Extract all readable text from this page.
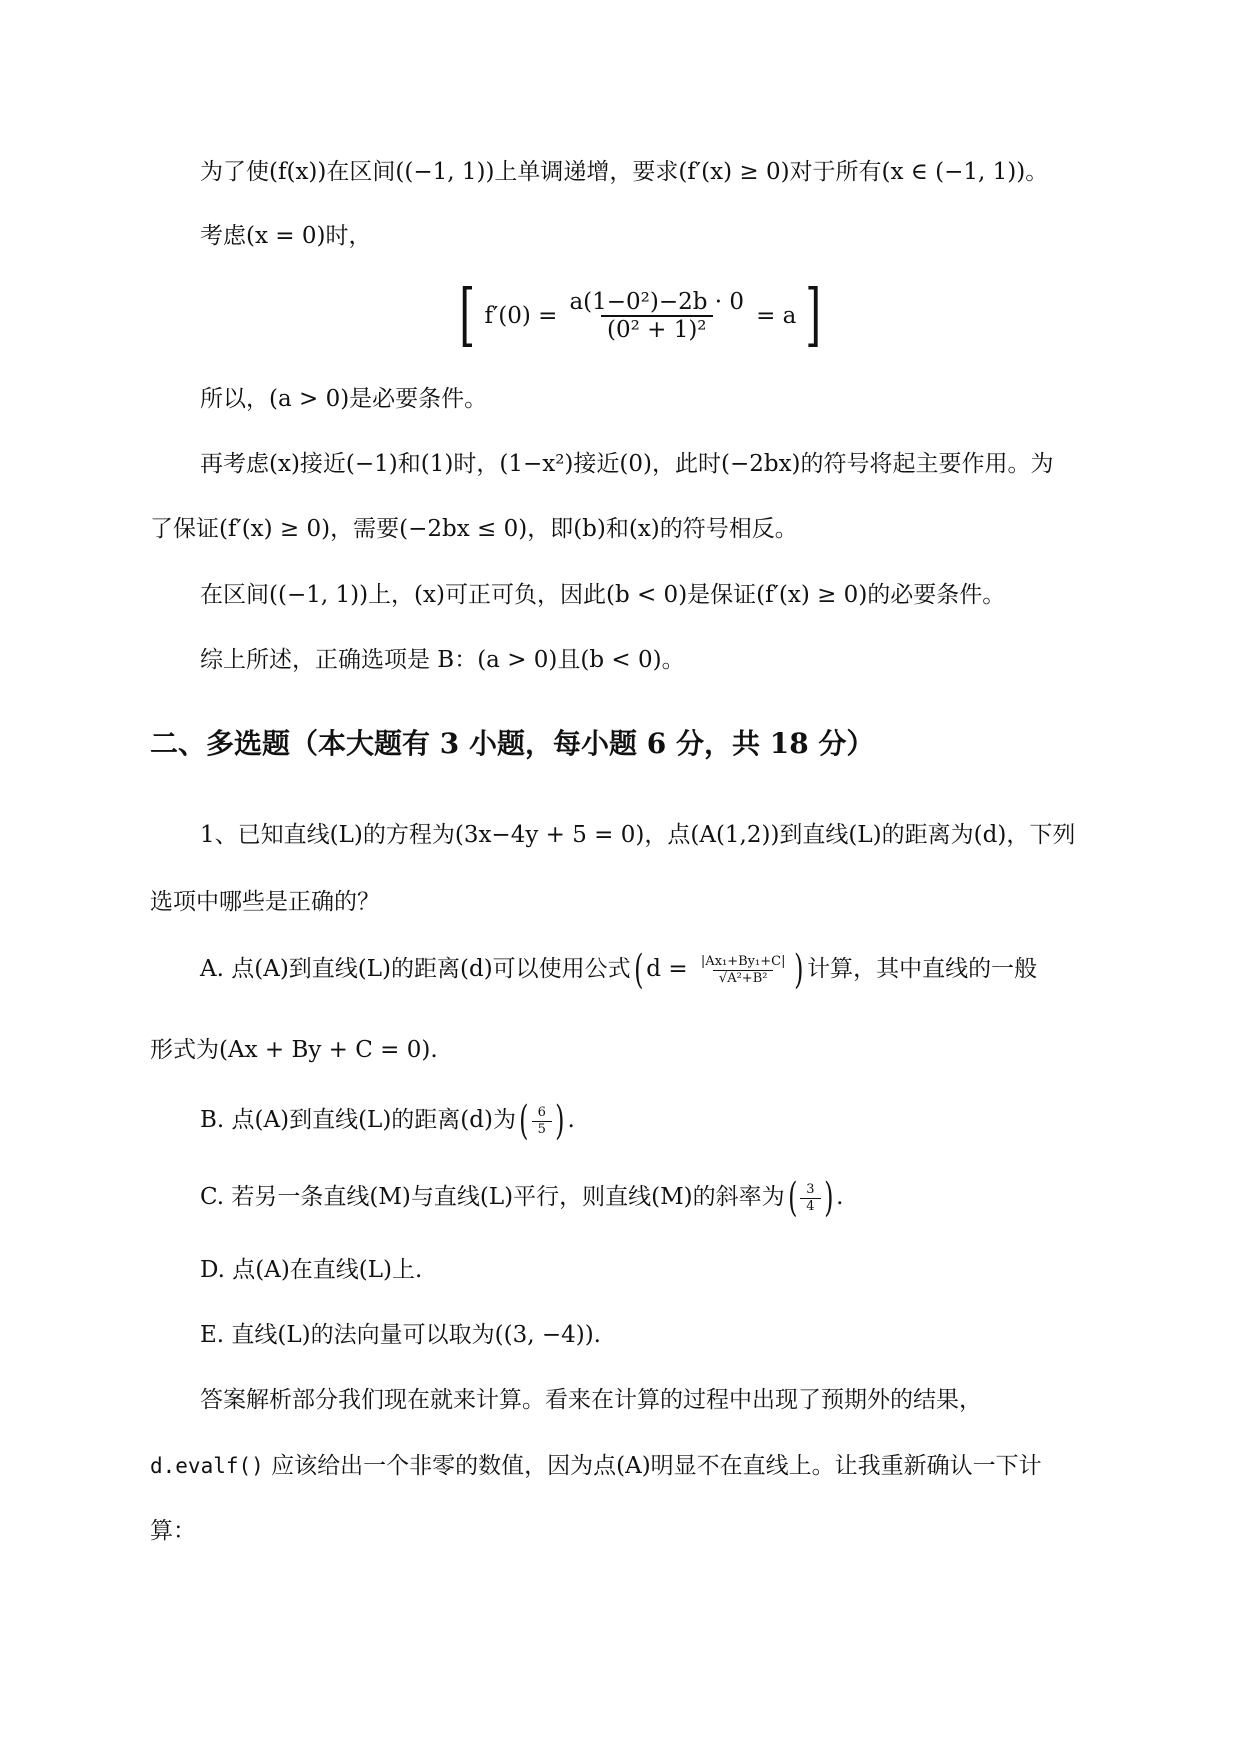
为了使(f(x))在区间((−1, 1))上单调递增，要求(f′(x) ≥ 0)对于所有(x ∈ (−1, 1))。
考虑(x = 0)时，
[ $f'(0) = \frac{\text{a(1−0²)−2b · 0}}{\text{(0² + 1)²}} = a$ ]
所以，(a > 0)是必要条件。
再考虑(x)接近(−1)和(1)时，(1−x²)接近(0)，此时(−2bx)的符号将起主要作用。为
了保证(f′(x) ≥ 0)，需要(−2bx ≤ 0)，即(b)和(x)的符号相反。
在区间((−1, 1))上，(x)可正可负，因此(b < 0)是保证(f′(x) ≥ 0)的必要条件。
综上所述，正确选项是 B：(a > 0)且(b < 0)。
二、多选题（本大题有 3 小题，每小题 6 分，共 18 分）
1、已知直线(L)的方程为(3x−4y + 5 = 0)，点(A(1,2))到直线(L)的距离为(d)，下列
选项中哪些是正确的？
A. 点(A)到直线(L)的距离(d)可以使用公式( $d = \frac{\text{|Ax₁+By₁+C|}}{\text{√A²+B²}}$ ) 计算，其中直线的一般
形式为(Ax + By + C = 0).
B. 点(A)到直线(L)的距离(d)为( $\frac{6}{5}$ ) .
C. 若另一条直线(M)与直线(L)平行，则直线(M)的斜率为( $\frac{3}{4}$ ) .
D. 点(A)在直线(L)上.
E. 直线(L)的法向量可以取为((3, −4)).
答案解析部分我们现在就来计算。看来在计算的过程中出现了预期外的结果，
d.evalf() 应该给出一个非零的数值，因为点(A)明显不在直线上。让我重新确认一下计
算：
